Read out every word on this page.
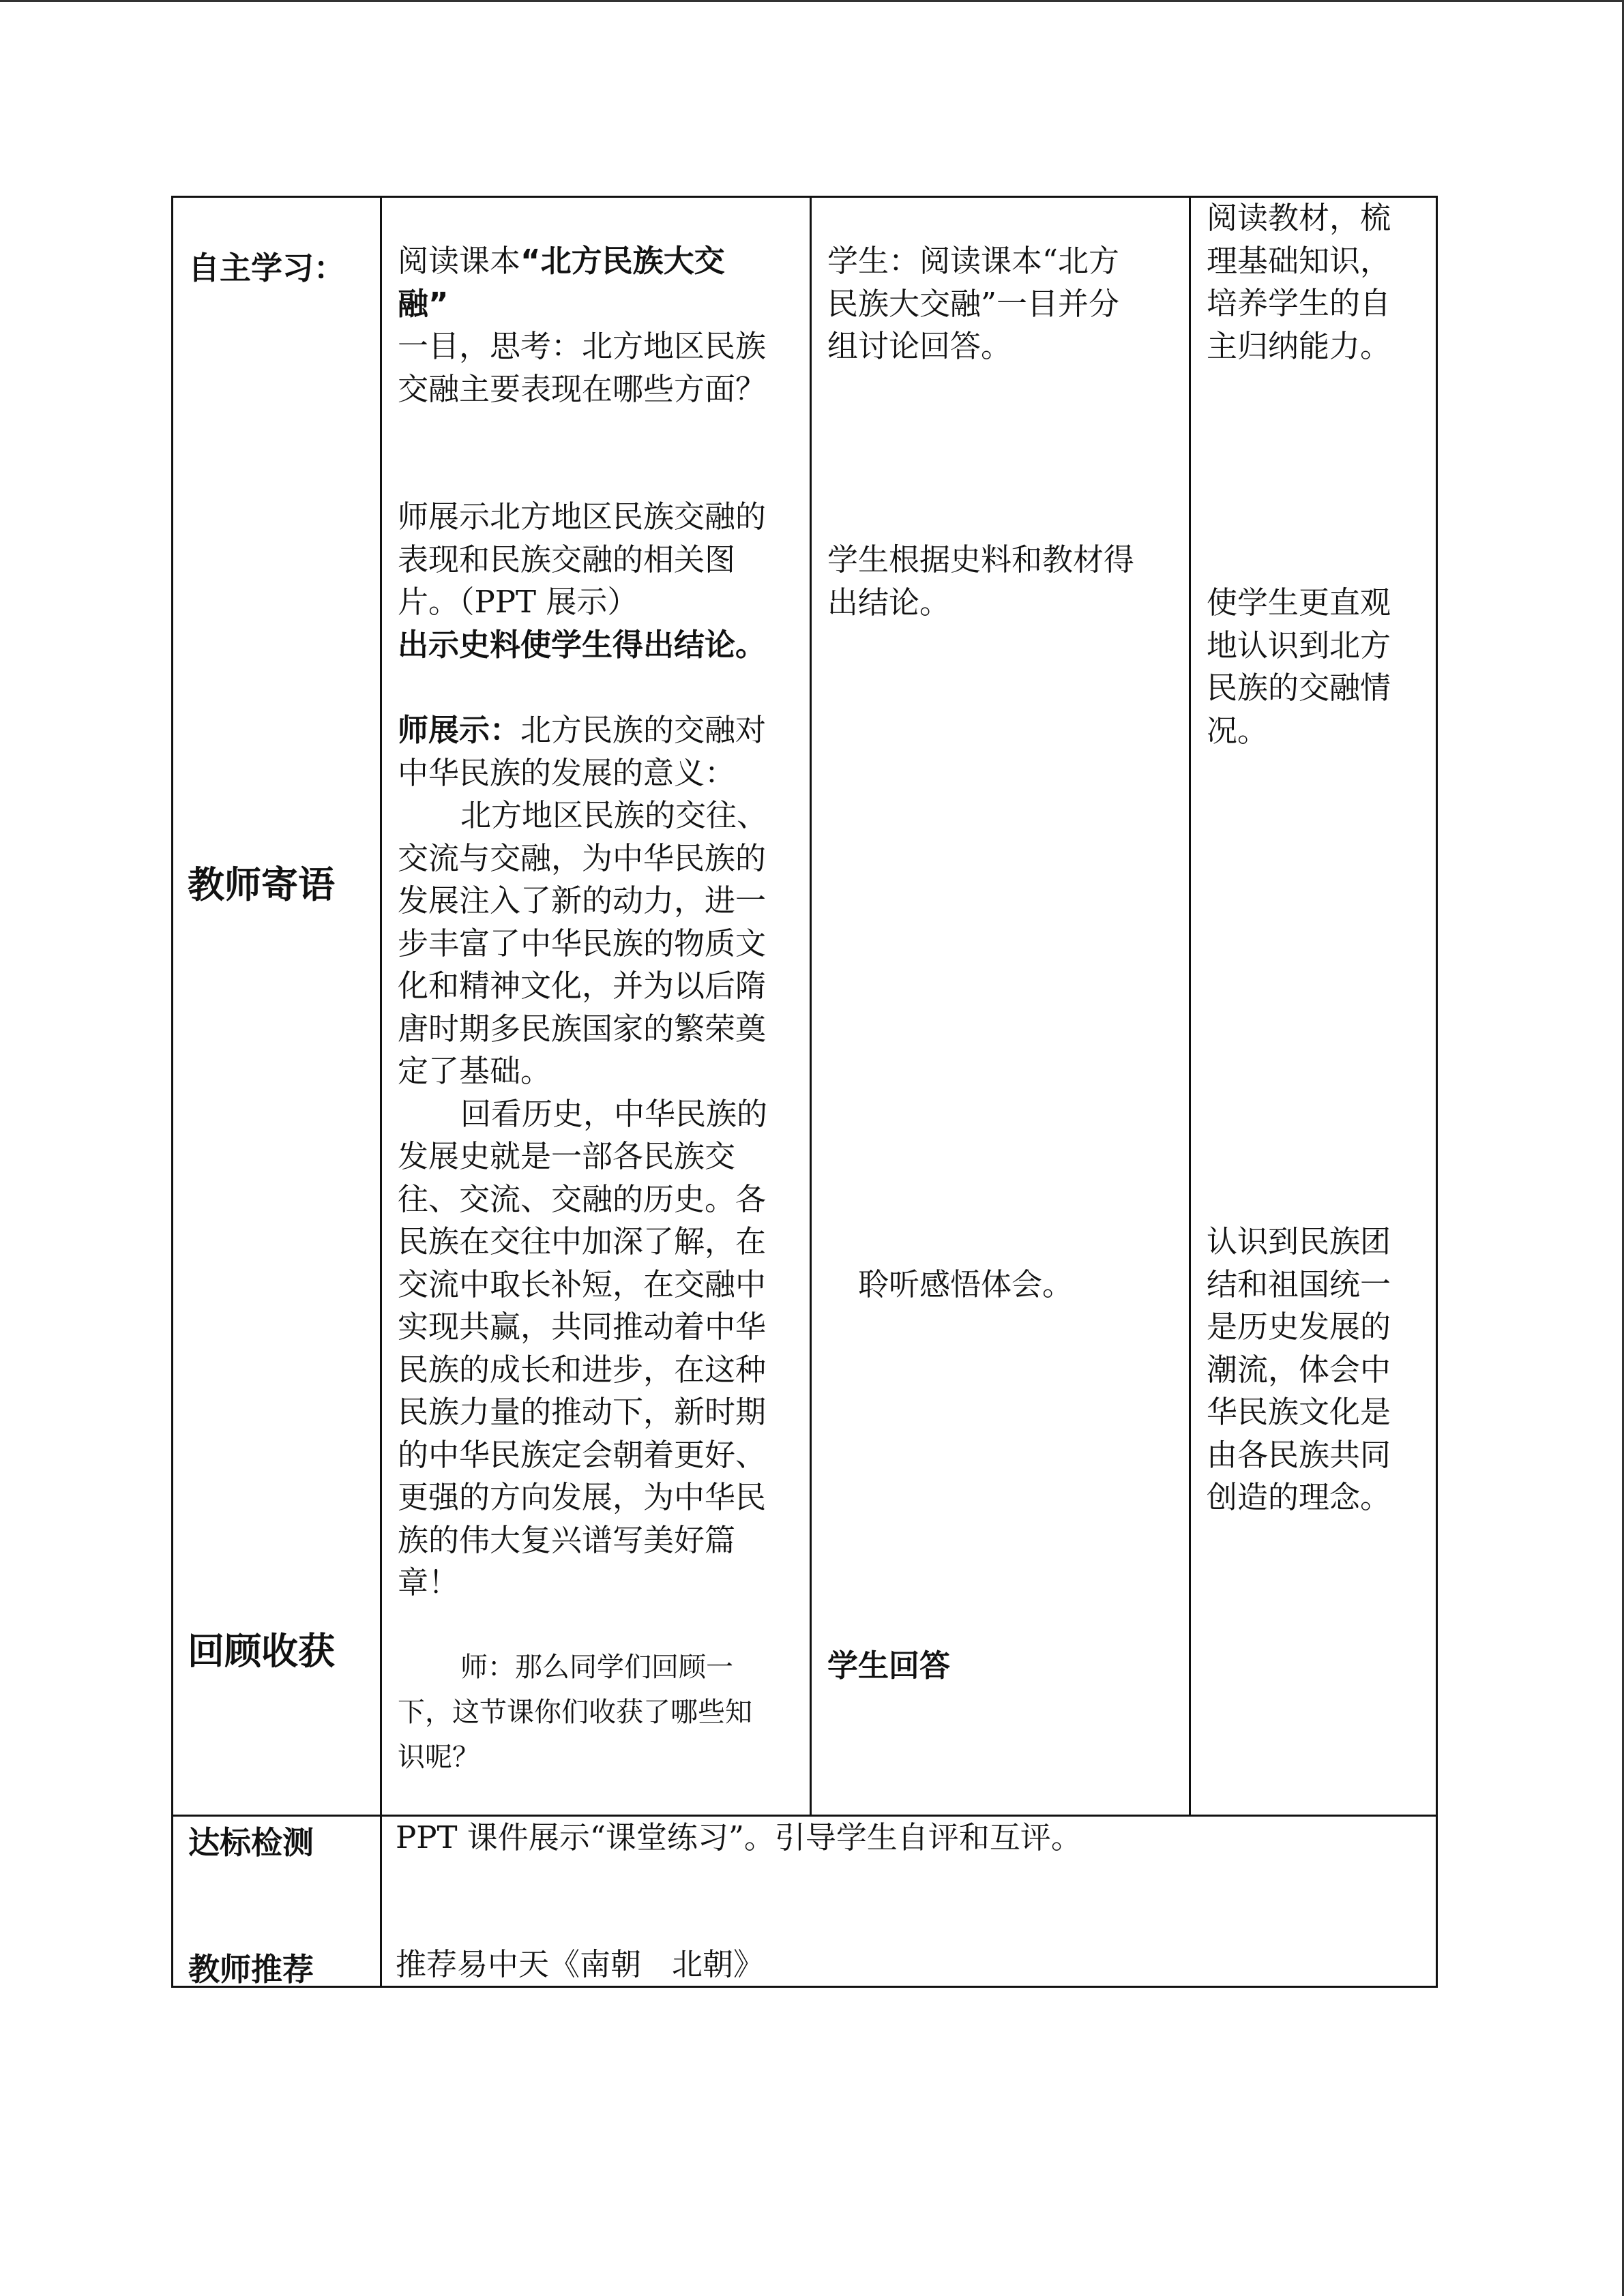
自主学习：
教师寄语
回顾收获
达标检测
教师推荐

阅读课本“北方民族大交

融”

一目，思考：北方地区民族

交融主要表现在哪些方面？

师展示北方地区民族交融的

表现和民族交融的相关图

片。（PPT 展示）

出示史料使学生得出结论。

师展示：北方民族的交融对

中华民族的发展的意义：

北方地区民族的交往、

交流与交融，为中华民族的

发展注入了新的动力，进一

步丰富了中华民族的物质文

化和精神文化，并为以后隋

唐时期多民族国家的繁荣奠

定了基础。

回看历史，中华民族的

发展史就是一部各民族交

往、交流、交融的历史。各

民族在交往中加深了解，在

交流中取长补短，在交融中

实现共赢，共同推动着中华

民族的成长和进步，在这种

民族力量的推动下，新时期

的中华民族定会朝着更好、

更强的方向发展，为中华民

族的伟大复兴谱写美好篇

章！

师：那么同学们回顾一

下，这节课你们收获了哪些知

识呢？

学生：阅读课本“北方

民族大交融”一目并分

组讨论回答。

学生根据史料和教材得

出结论。

聆听感悟体会。

学生回答

阅读教材，梳

理基础知识，

培养学生的自

主归纳能力。

使学生更直观

地认识到北方

民族的交融情

况。

认识到民族团

结和祖国统一

是历史发展的

潮流，体会中

华民族文化是

由各民族共同

创造的理念。

PPT 课件展示“课堂练习”。引导学生自评和互评。
推荐易中天《南朝　北朝》
